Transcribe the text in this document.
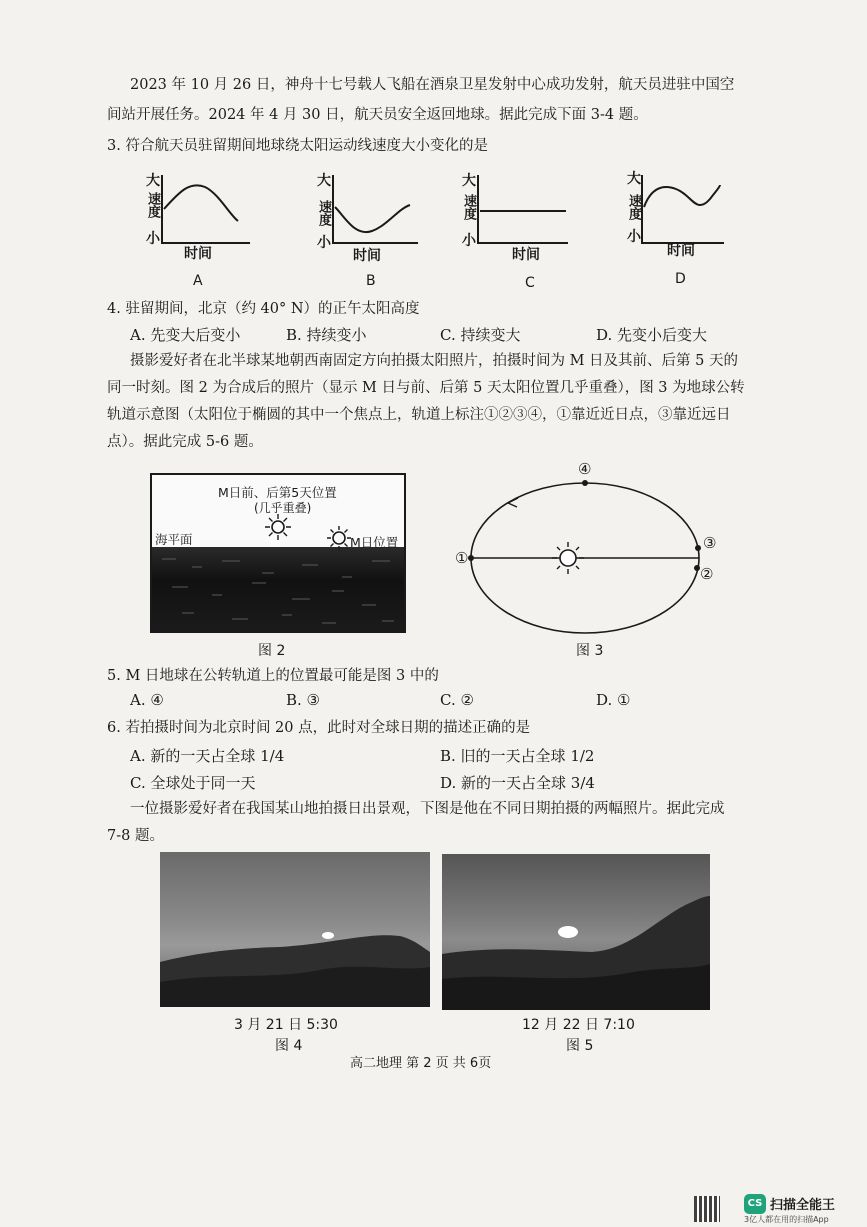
2023 年 10 月 26 日，神舟十七号载人飞船在酒泉卫星发射中心成功发射，航天员进驻中国空
间站开展任务。2024 年 4 月 30 日，航天员安全返回地球。据此完成下面 3-4 题。
3. 符合航天员驻留期间地球绕太阳运动线速度大小变化的是
大
速度
小
时间
A
大
速度
小
时间
B
大
速度
小
时间
C
大
速度
小
时间
D
4. 驻留期间，北京（约 40° N）的正午太阳高度
A. 先变大后变小	B. 持续变小	C. 持续变大	D. 先变小后变大
摄影爱好者在北半球某地朝西南固定方向拍摄太阳照片，拍摄时间为 M 日及其前、后第 5 天的
同一时刻。图 2 为合成后的照片（显示 M 日与前、后第 5 天太阳位置几乎重叠），图 3 为地球公转
轨道示意图（太阳位于椭圆的其中一个焦点上，轨道上标注①②③④，①靠近近日点，③靠近远日
点）。据此完成 5-6 题。
M日前、后第5天位置
(几乎重叠)
海平面	M日位置
图 2
①
②
③
④
图 3
5. M 日地球在公转轨道上的位置最可能是图 3 中的
A. ④	B. ③	C. ②	D. ①
6. 若拍摄时间为北京时间 20 点，此时对全球日期的描述正确的是
A. 新的一天占全球 1/4	B. 旧的一天占全球 1/2
C. 全球处于同一天	D. 新的一天占全球 3/4
一位摄影爱好者在我国某山地拍摄日出景观，下图是他在不同日期拍摄的两幅照片。据此完成
7-8 题。
3 月 21 日 5:30
图 4
12 月 22 日 7:10
图 5
高二地理 第 2 页 共 6页
CS 扫描全能王
3亿人都在用的扫描App
